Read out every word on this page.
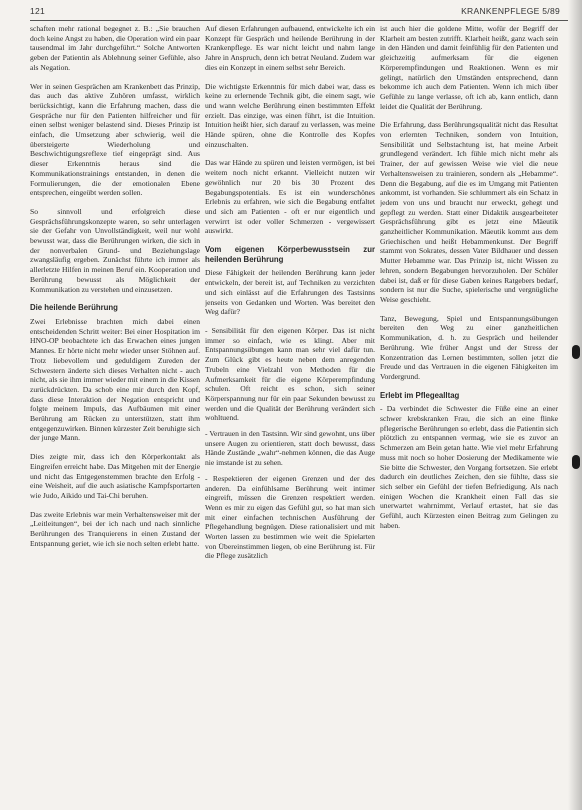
121	KRANKENPFLEGE 5/89

schaften mehr rational begegnet z. B.: „Sie brauchen doch keine Angst zu haben, die Operation wird ein paar tausendmal im Jahr durchgeführt.“ Solche Antworten geben der Patientin als Ablehnung seiner Gefühle, also als Negation.

Wer in seinen Gesprächen am Krankenbett das Prinzip, das auch das aktive Zuhören umfasst, wirklich berücksichtigt, kann die Erfahrung machen, dass die Gespräche nur für den Patienten hilfreicher und für einen selbst weniger belastend sind. Dieses Prinzip ist einfach, die Umsetzung aber schwierig, weil die übersteigerte Wiederholung und Beschwichtigungsreflexe tief eingeprägt sind. Aus dieser Erkenntnis heraus sind die Kommunikationstrainings entstanden, in denen die Formulierungen, die der emotionalen Ebene entsprechen, eingeübt werden sollen.

So sinnvoll und erfolgreich diese Gesprächsführungskonzepte waren, so sehr unterlagen sie der Gefahr von Unvollständigkeit, weil nur wohl bewusst war, dass die Berührungen wirken, die sich in der nonverbalen Grund- und Beziehungslage zwangsläufig ergeben. Zunächst führte ich immer als allerletzte Hilfen in meinen Beruf ein. Kooperation und Berührung bewusst als Möglichkeit der Kommunikation zu verstehen und einzusetzen.

Die heilende Berührung

Zwei Erlebnisse brachten mich dabei einen entscheidenden Schritt weiter: Bei einer Hospitation im HNO-OP beobachtete ich das Erwachen eines jungen Mannes. Er hörte nicht mehr wieder unser Stöhnen auf. Trotz liebevollem und geduldigem Zureden der Schwestern änderte sich dieses Verhalten nicht - auch nicht, als sie ihm immer wieder mit einem in die Kissen zurückdrückten. Da schob eine mir durch den Kopf, dass diese Interaktion der Negation entspricht und folgte meinem Impuls, das Aufbäumen mit einer Berührung am Rücken zu unterstützen, statt ihm entgegenzuwirken. Binnen kürzester Zeit beruhigte sich der junge Mann.

Dies zeigte mir, dass ich den Körperkontakt als Eingreifen erreicht habe. Das Mitgehen mit der Energie und nicht das Entgegenstemmen brachte den Erfolg - eine Weisheit, auf die auch asiatische Kampfsportarten wie Judo, Aikido und Tai-Chi beruhen.

Das zweite Erlebnis war mein Verhaltensweiser mit der „Leitleitungen“, bei der ich nach und nach sinnliche Berührungen des Tranquierens in einen Zustand der Entspannung geriet, wie ich sie noch selten erlebt hatte.

Auf diesen Erfahrungen aufbauend, entwickelte ich ein Konzept für Gespräch und heilende Berührung in der Krankenpflege. Es war nicht leicht und nahm lange Jahre in Anspruch, denn ich betrat Neuland. Zudem war dies ein Konzept in einem selbst sehr Bereich.

Die wichtigste Erkenntnis für mich dabei war, dass es keine zu erlernende Technik gibt, die einem sagt, wie und wann welche Berührung einen bestimmten Effekt erzielt. Das einzige, was einen führt, ist die Intuition. Intuition heißt hier, sich darauf zu verlassen, was meine Hände spüren, ohne die Kontrolle des Kopfes einzuschalten.

Das war Hände zu spüren und leisten vermögen, ist bei weitem noch nicht erkannt. Vielleicht nutzen wir gewöhnlich nur 20 bis 30 Prozent des Begabungspotentials. Es ist ein wunderschönes Erlebnis zu erfahren, wie sich die Begabung entfaltet und sich am Patienten - oft er nur eigentlich und verwirrt ist oder voller Schmerzen - vergewissert auswirkt.

Vom eigenen Körperbewusstsein zur heilenden Berührung

Diese Fähigkeit der heilenden Berührung kann jeder entwickeln, der bereit ist, auf Techniken zu verzichten und sich einlässt auf die Erfahrungen des Tastsinns jenseits von Gedanken und Worten. Was bereitet den Weg dafür?

- Sensibilität für den eigenen Körper. Das ist nicht immer so einfach, wie es klingt. Aber mit Entspannungsübungen kann man sehr viel dafür tun. Zum Glück gibt es heute neben dem anregenden Trubeln eine Vielzahl von Methoden für die Aufmerksamkeit für die eigene Körperempfindung schulen. Oft reicht es schon, sich seiner Körperspannung nur für ein paar Sekunden bewusst zu werden und die Qualität der Berührung verändert sich wohltuend.
- Vertrauen in den Tastsinn. Wir sind gewohnt, uns über unsere Augen zu orientieren, statt doch bewusst, dass Hände Zustände „wahr“-nehmen können, die das Auge nie imstande ist zu sehen.
- Respektieren der eigenen Grenzen und der des anderen. Da einfühlsame Berührung weit intimer eingreift, müssen die Grenzen respektiert werden. Wenn es mir zu eigen das Gefühl gut, so hat man sich mit einer einfachen technischen Ausführung der Pflegehandlung begnügen. Diese rationalisiert und mit Worten lassen zu bestimmen wie weit die Spielarten von Übereinstimmen liegen, ob eine Berührung ist. Für die Pflege zusätzlich

ist auch hier die goldene Mitte, wofür der Begriff der Klarheit am besten zutrifft. Klarheit heißt, ganz wach sein in den Händen und damit feinfühlig für den Patienten und gleichzeitig aufmerksam für die eigenen Körperempfindungen und Reaktionen. Wenn es mir gelingt, natürlich den Umständen entsprechend, dann bekomme ich auch dem Patienten. Wenn ich mich über Gefühle zu lange verlasse, oft ich ab, kann entlich, dann leidet die Qualität der Berührung.

Die Erfahrung, dass Berührungsqualität nicht das Resultat von erlernten Techniken, sondern von Intuition, Sensibilität und Selbstachtung ist, hat meine Arbeit grundlegend verändert. Ich fühle mich nicht mehr als Trainer, der auf gewissen Weise wie viel die neue Verhaltensweisen zu trainieren, sondern als „Hebamme“. Denn die Begabung, auf die es im Umgang mit Patienten ankommt, ist vorhanden. Sie schlummert als ein Schatz in jedem von uns und braucht nur erweckt, gehegt und gepflegt zu werden. Statt einer Didaktik ausgearbeiteter Gesprächsführung gibt es jetzt eine Mäeutik ganzheitlicher Kommunikation. Mäeutik kommt aus dem Griechischen und heißt Hebammenkunst. Der Begriff stammt von Sokrates, dessen Vater Bildhauer und dessen Mutter Hebamme war. Das Prinzip ist, nicht Wissen zu lehren, sondern Begabungen hervorzuholen. Der Schüler dabei ist, daß er für diese Gaben keines Ratgebers bedarf, sondern ist nur die Suche, spielerische und vergnügliche Weise geschieht.

Tanz, Bewegung, Spiel und Entspannungsübungen bereiten den Weg zu einer ganzheitlichen Kommunikation, d. h. zu Gespräch und heilender Berührung. Wie früher Angst und der Stress der Konzentration das Lernen bestimmten, sollen jetzt die Freude und das Vertrauen in die eigenen Fähigkeiten im Vordergrund.

Erlebt im Pflegealltag

- Da verbindet die Schwester die Füße eine an einer schwer krebskranken Frau, die sich an eine flinke pflegerische Berührungen so erlebt, dass die Patientin sich plötzlich zu entspannen vermag, wie sie es zuvor an Schmerzen am Bein getan hatte. Wie viel mehr Erfahrung muss mit noch so hoher Dosierung der Medikamente wie Sie bitte die Schwester, den Vorgang fortsetzen. Sie erlebt dadurch ein deutliches Zeichen, den sie fühlte, dass sie sich selber ein Gefühl der tiefen Befriedigung. Als nach einigen Wochen die Krankheit einen Fall das sie unerwartet wahrnimmt, Verlauf ertastet, hat sie das Gefühl, auch Kürzesten einen Beitrag zum Gelingen zu haben.
